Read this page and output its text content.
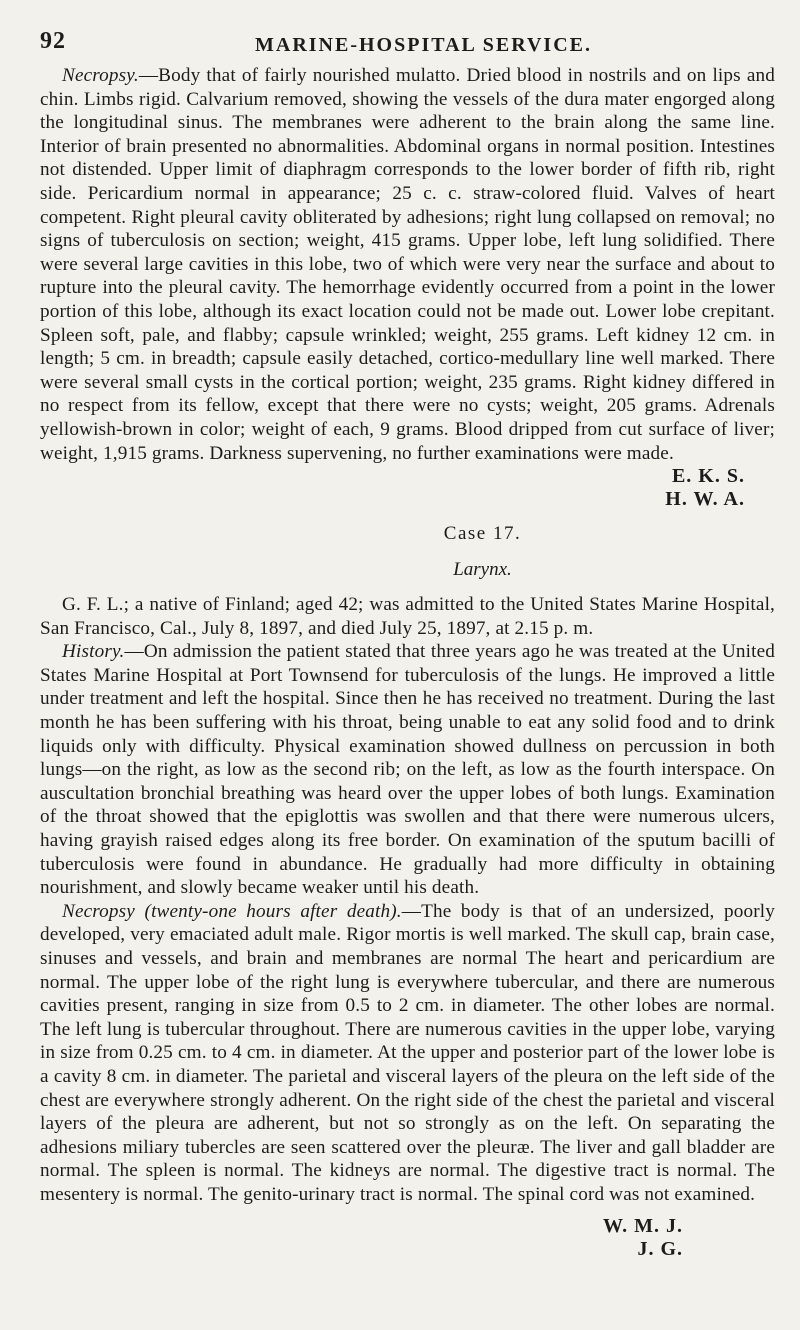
92	MARINE-HOSPITAL SERVICE.

Necropsy.—Body that of fairly nourished mulatto. Dried blood in nostrils and on lips and chin. Limbs rigid. Calvarium removed, showing the vessels of the dura mater engorged along the longitudinal sinus. The membranes were adherent to the brain along the same line. Interior of brain presented no abnormalities. Abdominal organs in normal position. Intestines not distended. Upper limit of diaphragm corresponds to the lower border of fifth rib, right side. Pericardium normal in appearance; 25 c. c. straw-colored fluid. Valves of heart competent. Right pleural cavity obliterated by adhesions; right lung collapsed on removal; no signs of tuberculosis on section; weight, 415 grams. Upper lobe, left lung solidified. There were several large cavities in this lobe, two of which were very near the surface and about to rupture into the pleural cavity. The hemorrhage evidently occurred from a point in the lower portion of this lobe, although its exact location could not be made out. Lower lobe crepitant. Spleen soft, pale, and flabby; capsule wrinkled; weight, 255 grams. Left kidney 12 cm. in length; 5 cm. in breadth; capsule easily detached, cortico-medullary line well marked. There were several small cysts in the cortical portion; weight, 235 grams. Right kidney differed in no respect from its fellow, except that there were no cysts; weight, 205 grams. Adrenals yellowish-brown in color; weight of each, 9 grams. Blood dripped from cut surface of liver; weight, 1,915 grams. Darkness supervening, no further examinations were made.

E. K. S.
H. W. A.
Case 17.
Larynx.

G. F. L.; a native of Finland; aged 42; was admitted to the United States Marine Hospital, San Francisco, Cal., July 8, 1897, and died July 25, 1897, at 2.15 p. m.

History.—On admission the patient stated that three years ago he was treated at the United States Marine Hospital at Port Townsend for tuberculosis of the lungs. He improved a little under treatment and left the hospital. Since then he has received no treatment. During the last month he has been suffering with his throat, being unable to eat any solid food and to drink liquids only with difficulty. Physical examination showed dullness on percussion in both lungs—on the right, as low as the second rib; on the left, as low as the fourth interspace. On auscultation bronchial breathing was heard over the upper lobes of both lungs. Examination of the throat showed that the epiglottis was swollen and that there were numerous ulcers, having grayish raised edges along its free border. On examination of the sputum bacilli of tuberculosis were found in abundance. He gradually had more difficulty in obtaining nourishment, and slowly became weaker until his death.

Necropsy (twenty-one hours after death).—The body is that of an undersized, poorly developed, very emaciated adult male. Rigor mortis is well marked. The skull cap, brain case, sinuses and vessels, and brain and membranes are normal The heart and pericardium are normal. The upper lobe of the right lung is everywhere tubercular, and there are numerous cavities present, ranging in size from 0.5 to 2 cm. in diameter. The other lobes are normal. The left lung is tubercular throughout. There are numerous cavities in the upper lobe, varying in size from 0.25 cm. to 4 cm. in diameter. At the upper and posterior part of the lower lobe is a cavity 8 cm. in diameter. The parietal and visceral layers of the pleura on the left side of the chest are everywhere strongly adherent. On the right side of the chest the parietal and visceral layers of the pleura are adherent, but not so strongly as on the left. On separating the adhesions miliary tubercles are seen scattered over the pleuræ. The liver and gall bladder are normal. The spleen is normal. The kidneys are normal. The digestive tract is normal. The mesentery is normal. The genito-urinary tract is normal. The spinal cord was not examined.

W. M. J.
J. G.
